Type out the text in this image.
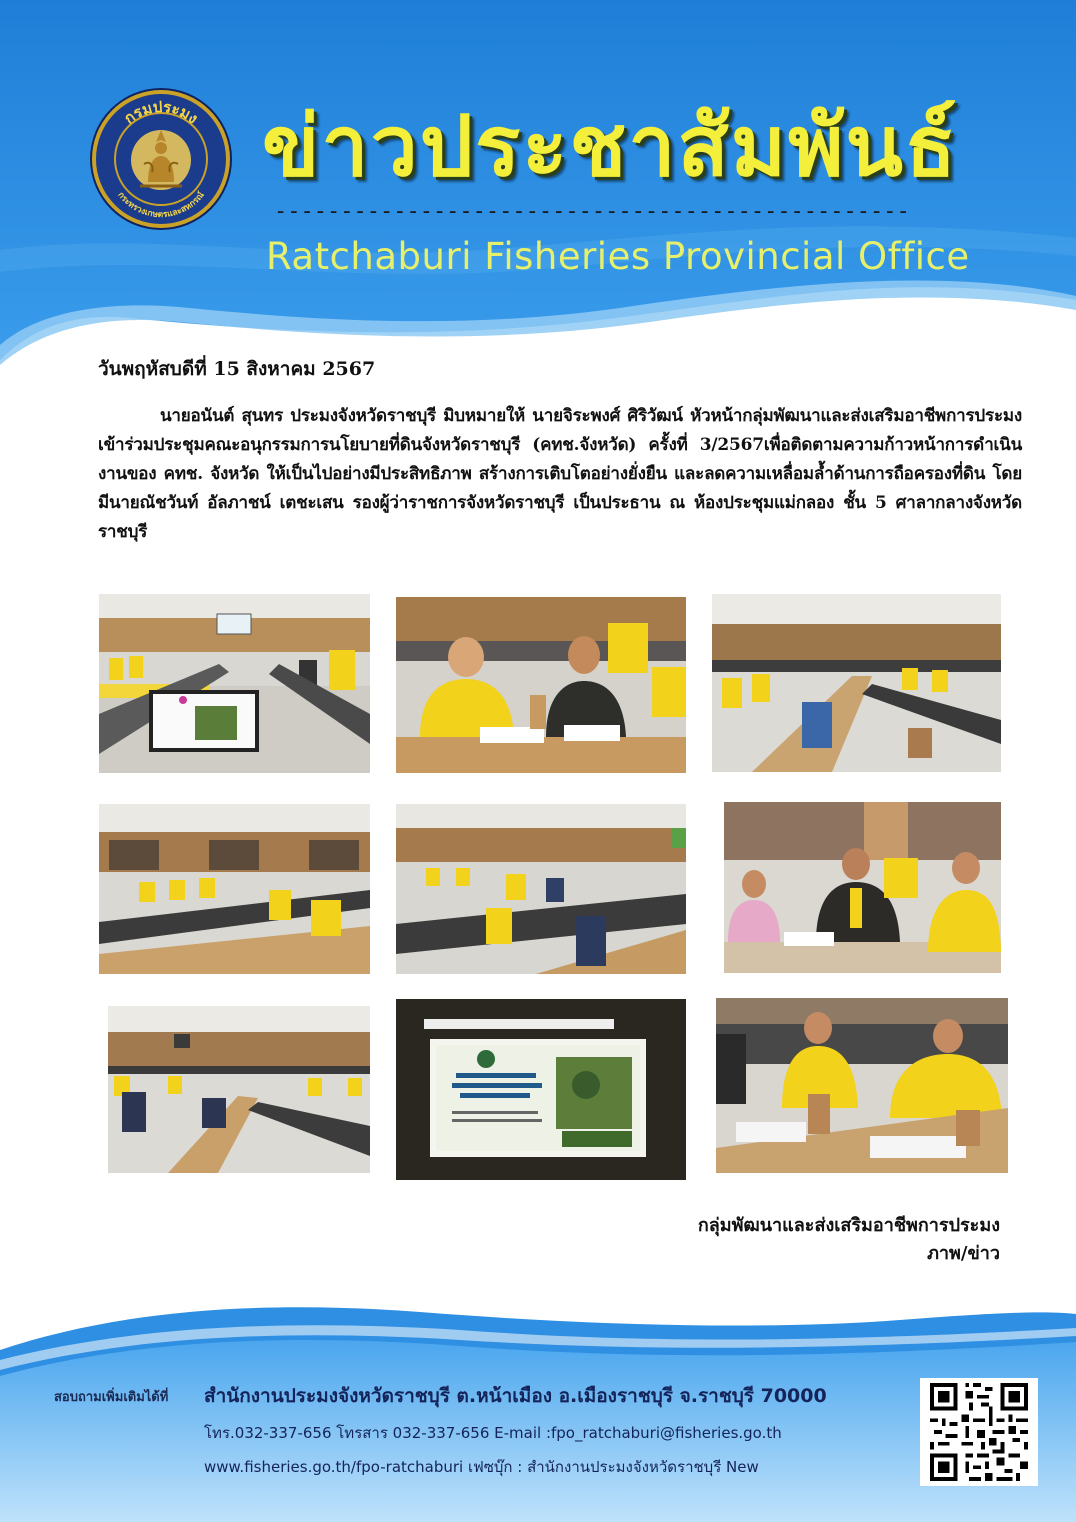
กรมประมง
กระทรวงเกษตรและสหกรณ์
ข่าวประชาสัมพันธ์
------------------------------------------------
Ratchaburi Fisheries Provincial Office
วันพฤหัสบดีที่ 15 สิงหาคม 2567
นายอนันต์ สุนทร ประมงจังหวัดราชบุรี มิบหมายให้ นายจิระพงศ์ ศิริวัฒน์ หัวหน้ากลุ่มพัฒนาและส่งเสริมอาชีพการประมง เข้าร่วมประชุมคณะอนุกรรมการนโยบายที่ดินจังหวัดราชบุรี (คทช.จังหวัด) ครั้งที่ 3/2567เพื่อติดตามความก้าวหน้าการดำเนินงานของ คทช. จังหวัด ให้เป็นไปอย่างมีประสิทธิภาพ สร้างการเติบโตอย่างยั่งยืน และลดความเหลื่อมล้ำด้านการถือครองที่ดิน โดยมีนายณัชวันท์ อัลภาชน์ เตชะเสน รองผู้ว่าราชการจังหวัดราชบุรี เป็นประธาน ณ ห้องประชุมแม่กลอง ชั้น 5 ศาลากลางจังหวัดราชบุรี
กลุ่มพัฒนาและส่งเสริมอาชีพการประมง
ภาพ/ข่าว
สอบถามเพิ่มเติมได้ที่ สำนักงานประมงจังหวัดราชบุรี ต.หน้าเมือง อ.เมืองราชบุรี จ.ราชบุรี 70000
โทร.032-337-656 โทรสาร 032-337-656 E-mail :fpo_ratchaburi@fisheries.go.th
www.fisheries.go.th/fpo-ratchaburi เฟซบุ๊ก : สำนักงานประมงจังหวัดราชบุรี New
